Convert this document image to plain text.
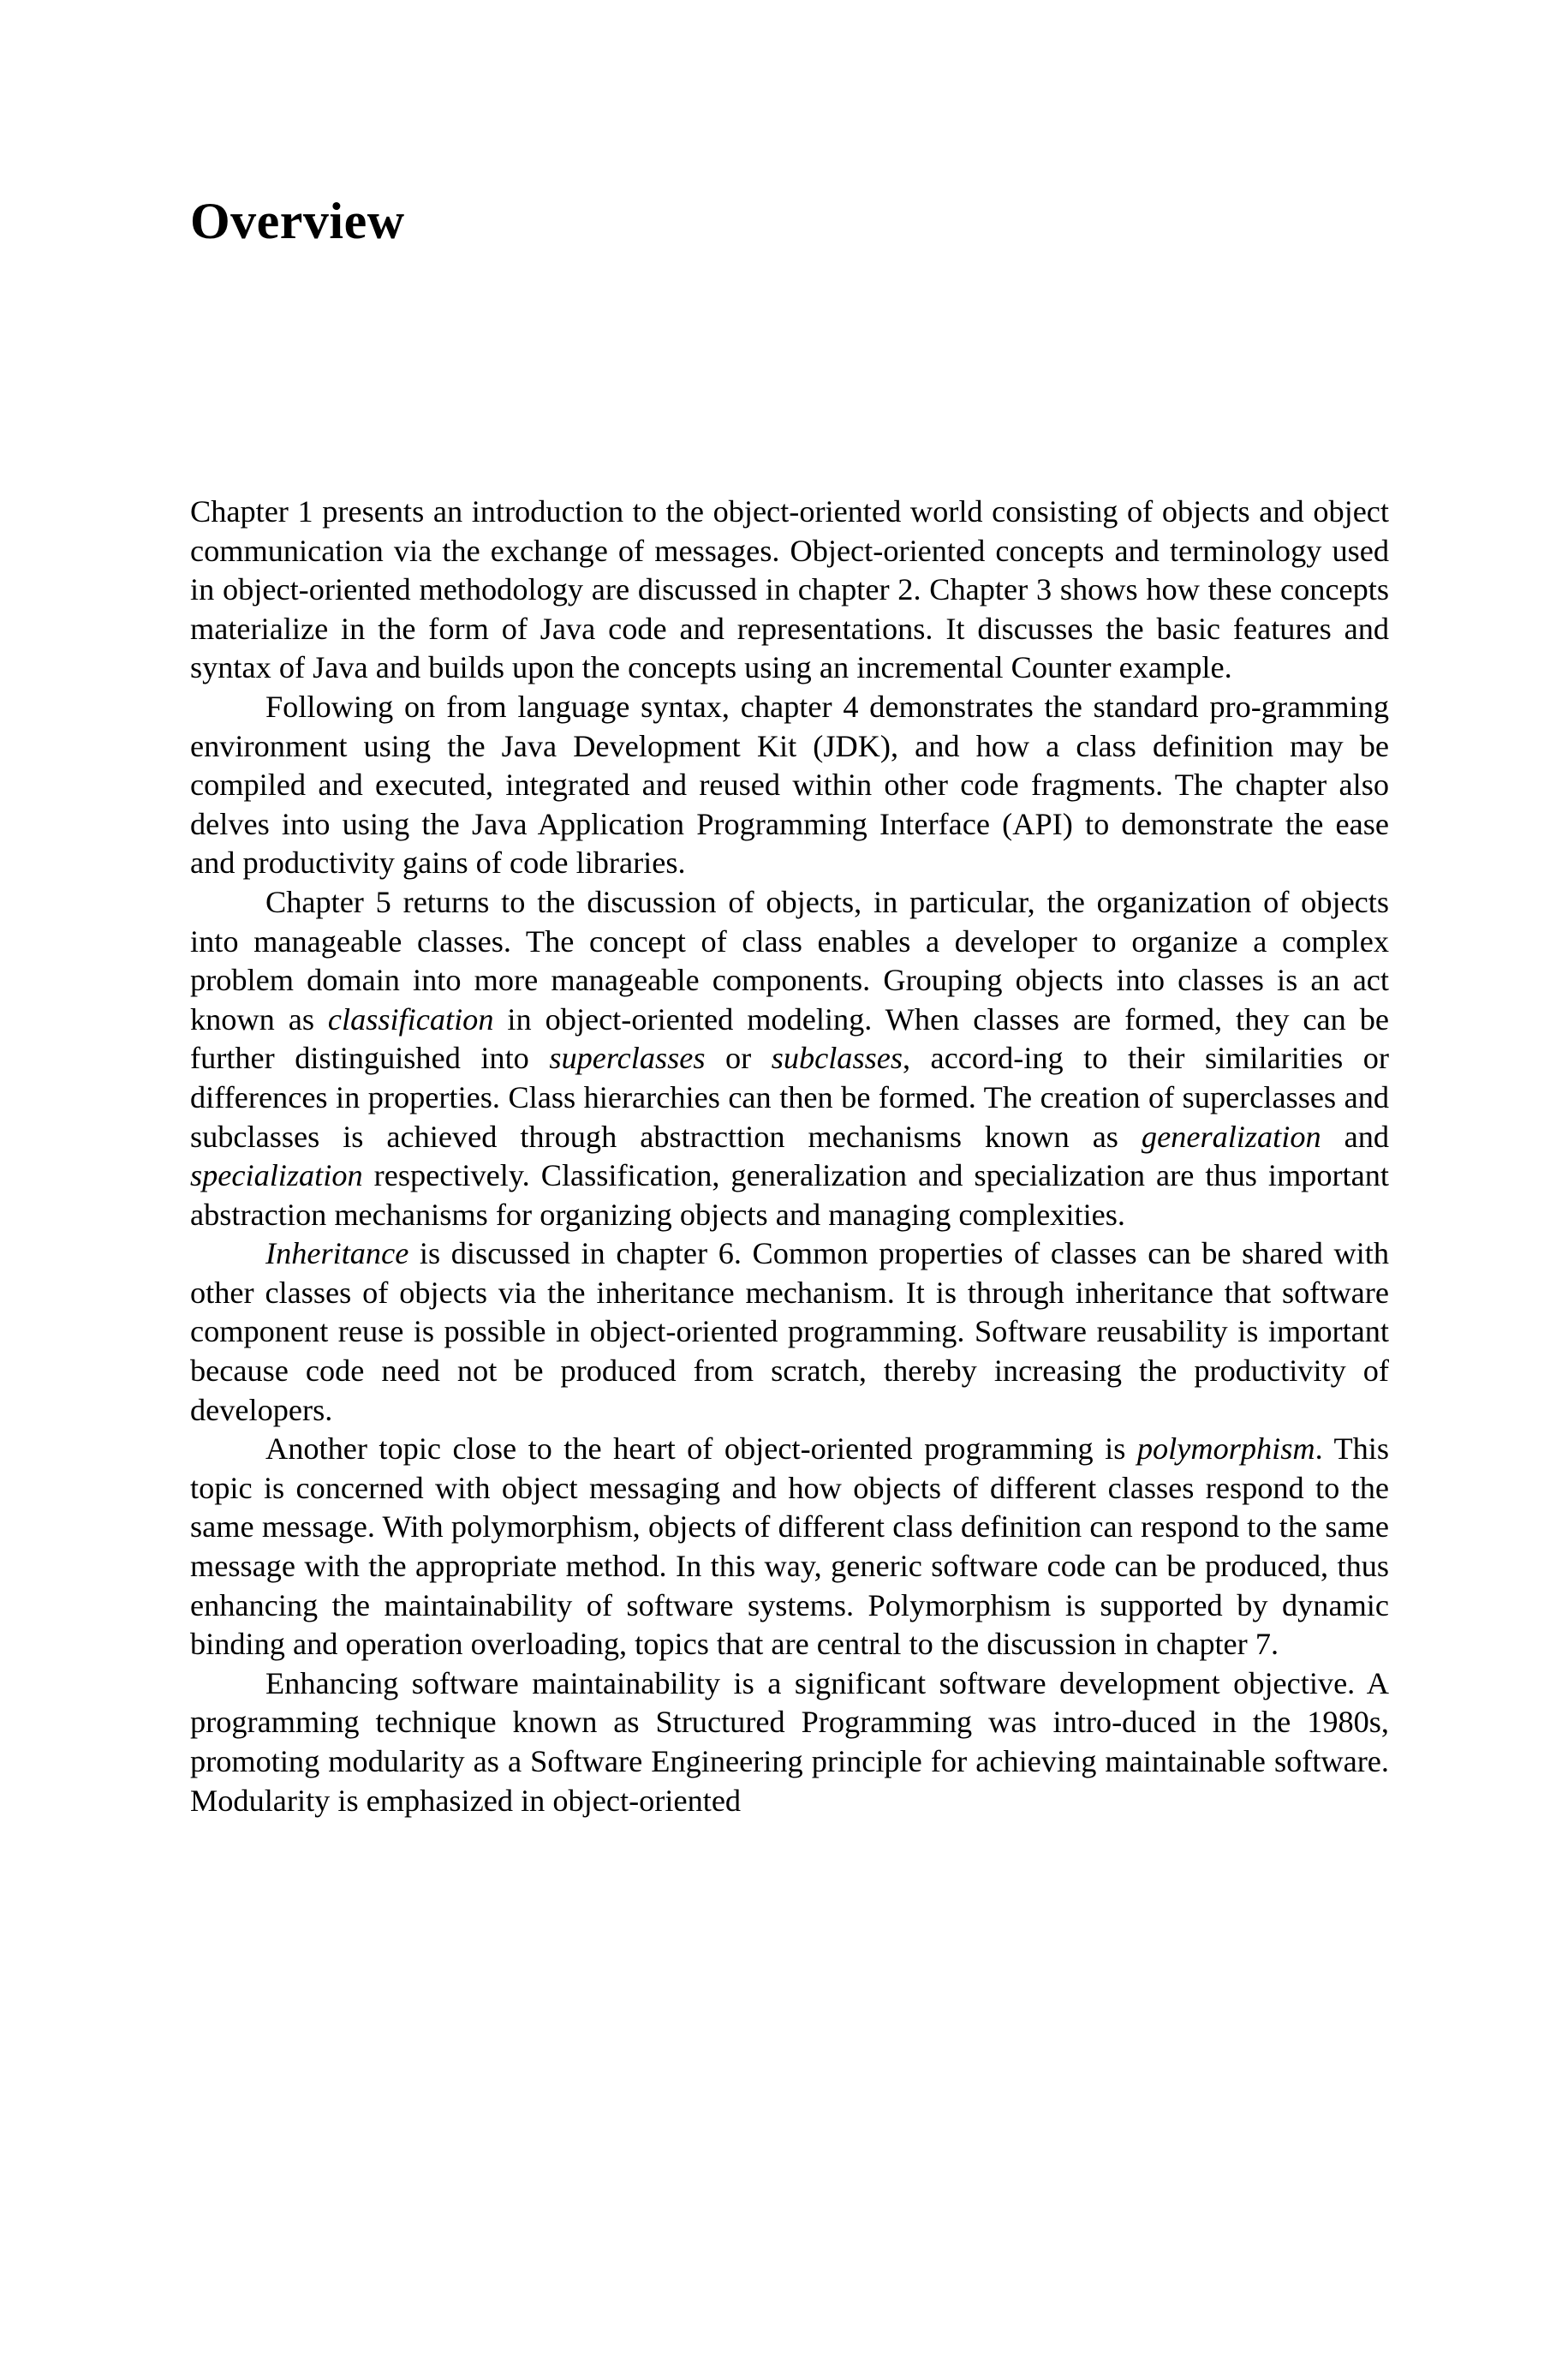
Overview

Chapter 1 presents an introduction to the object-oriented world consisting of objects and object communication via the exchange of messages. Object-oriented concepts and terminology used in object-oriented methodology are discussed in chapter 2. Chapter 3 shows how these concepts materialize in the form of Java code and representations. It discusses the basic features and syntax of Java and builds upon the concepts using an incremental Counter example.

Following on from language syntax, chapter 4 demonstrates the standard pro-gramming environment using the Java Development Kit (JDK), and how a class definition may be compiled and executed, integrated and reused within other code fragments. The chapter also delves into using the Java Application Programming Interface (API) to demonstrate the ease and productivity gains of code libraries.

Chapter 5 returns to the discussion of objects, in particular, the organization of objects into manageable classes. The concept of class enables a developer to organize a complex problem domain into more manageable components. Grouping objects into classes is an act known as classification in object-oriented modeling. When classes are formed, they can be further distinguished into superclasses or subclasses, accord-ing to their similarities or differences in properties. Class hierarchies can then be formed. The creation of superclasses and subclasses is achieved through abstracttion mechanisms known as generalization and specialization respectively. Classification, generalization and specialization are thus important abstraction mechanisms for organizing objects and managing complexities.

Inheritance is discussed in chapter 6. Common properties of classes can be shared with other classes of objects via the inheritance mechanism. It is through inheritance that software component reuse is possible in object-oriented programming. Software reusability is important because code need not be produced from scratch, thereby increasing the productivity of developers.

Another topic close to the heart of object-oriented programming is polymorphism. This topic is concerned with object messaging and how objects of different classes respond to the same message. With polymorphism, objects of different class definition can respond to the same message with the appropriate method. In this way, generic software code can be produced, thus enhancing the maintainability of software systems. Polymorphism is supported by dynamic binding and operation overloading, topics that are central to the discussion in chapter 7.

Enhancing software maintainability is a significant software development objective. A programming technique known as Structured Programming was intro-duced in the 1980s, promoting modularity as a Software Engineering principle for achieving maintainable software. Modularity is emphasized in object-oriented
